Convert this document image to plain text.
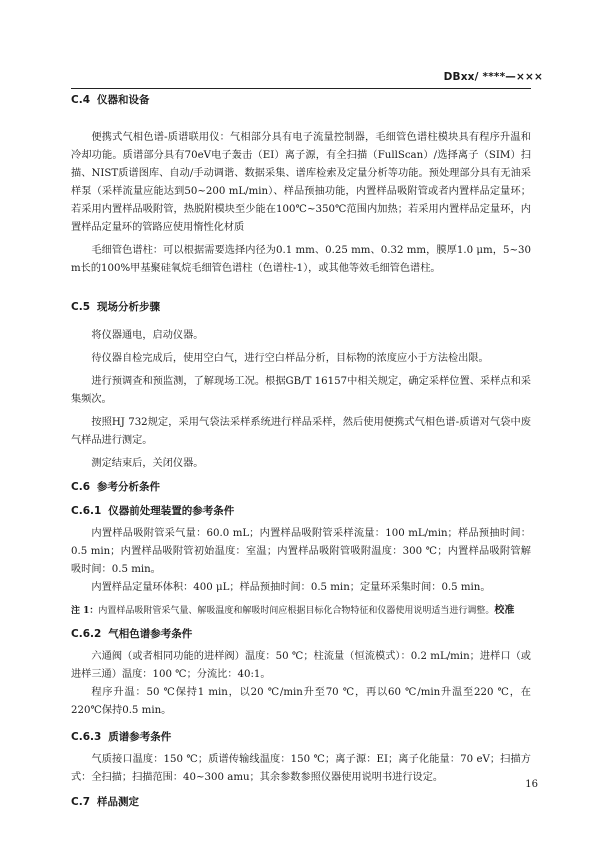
DBxx/ ****—×××
C.4 仪器和设备

便携式气相色谱-质谱联用仪：气相部分具有电子流量控制器，毛细管色谱柱模块具有程序升温和冷却功能。质谱部分具有70eV电子轰击（EI）离子源，有全扫描（FullScan）/选择离子（SIM）扫描、NIST质谱图库、自动/手动调谐、数据采集、谱库检索及定量分析等功能。预处理部分具有无油采样泵（采样流量应能达到50~200 mL/min）、样品预抽功能，内置样品吸附管或者内置样品定量环；若采用内置样品吸附管，热脱附模块至少能在100℃~350℃范围内加热；若采用内置样品定量环，内置样品定量环的管路应使用惰性化材质

毛细管色谱柱：可以根据需要选择内径为0.1 mm、0.25 mm、0.32 mm，膜厚1.0 μm，5~30 m长的100%甲基聚硅氧烷毛细管色谱柱（色谱柱-1），或其他等效毛细管色谱柱。

C.5 现场分析步骤

将仪器通电，启动仪器。

待仪器自检完成后，使用空白气，进行空白样品分析，目标物的浓度应小于方法检出限。

进行预调查和预监测，了解现场工况。根据GB/T 16157中相关规定，确定采样位置、采样点和采集频次。

按照HJ 732规定，采用气袋法采样系统进行样品采样，然后使用便携式气相色谱-质谱对气袋中废气样品进行测定。

测定结束后，关闭仪器。

C.6 参考分析条件
C.6.1 仪器前处理装置的参考条件

内置样品吸附管采气量：60.0 mL；内置样品吸附管采样流量：100 mL/min；样品预抽时间：0.5 min；内置样品吸附管初始温度：室温；内置样品吸附管吸附温度：300 ℃；内置样品吸附管解吸时间：0.5 min。

内置样品定量环体积：400 μL；样品预抽时间：0.5 min；定量环采集时间：0.5 min。

注 1：内置样品吸附管采气量、解吸温度和解吸时间应根据目标化合物特征和仪器使用说明适当进行调整。校准
C.6.2 气相色谱参考条件

六通阀（或者相同功能的进样阀）温度：50 ℃；柱流量（恒流模式）：0.2 mL/min；进样口（或进样三通）温度：100 ℃；分流比：40:1。

程序升温：50 ℃保持1 min，以20 ℃/min升至70 ℃，再以60 ℃/min升温至220 ℃，在220℃保持0.5 min。

C.6.3 质谱参考条件

气质接口温度：150 ℃；质谱传输线温度：150 ℃；离子源：EI；离子化能量：70 eV；扫描方式：全扫描；扫描范围：40~300 amu；其余参数参照仪器使用说明书进行设定。

C.7 样品测定
16
